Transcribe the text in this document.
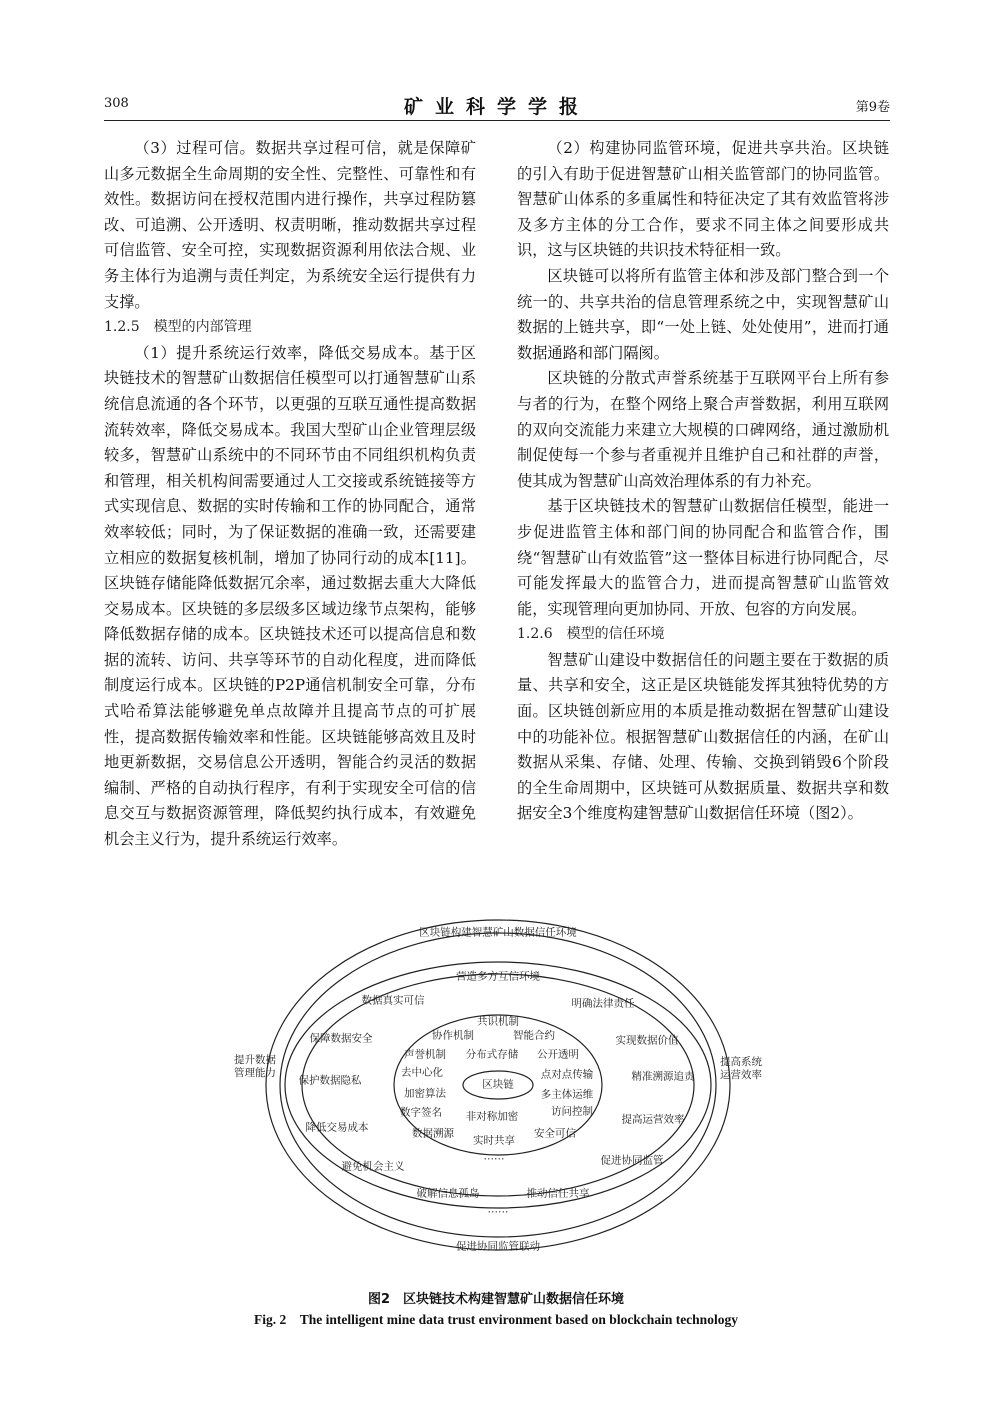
308	矿业科学学报	第9卷

（3）过程可信。数据共享过程可信，就是保障矿山多元数据全生命周期的安全性、完整性、可靠性和有效性。数据访问在授权范围内进行操作，共享过程防篡改、可追溯、公开透明、权责明晰，推动数据共享过程可信监管、安全可控，实现数据资源利用依法合规、业务主体行为追溯与责任判定，为系统安全运行提供有力支撑。

1.2.5　模型的内部管理

（1）提升系统运行效率，降低交易成本。基于区块链技术的智慧矿山数据信任模型可以打通智慧矿山系统信息流通的各个环节，以更强的互联互通性提高数据流转效率，降低交易成本。我国大型矿山企业管理层级较多，智慧矿山系统中的不同环节由不同组织机构负责和管理，相关机构间需要通过人工交接或系统链接等方式实现信息、数据的实时传输和工作的协同配合，通常效率较低；同时，为了保证数据的准确一致，还需要建立相应的数据复核机制，增加了协同行动的成本[11]。区块链存储能降低数据冗余率，通过数据去重大大降低交易成本。区块链的多层级多区域边缘节点架构，能够降低数据存储的成本。区块链技术还可以提高信息和数据的流转、访问、共享等环节的自动化程度，进而降低制度运行成本。区块链的P2P通信机制安全可靠，分布式哈希算法能够避免单点故障并且提高节点的可扩展性，提高数据传输效率和性能。区块链能够高效且及时地更新数据，交易信息公开透明，智能合约灵活的数据编制、严格的自动执行程序，有利于实现安全可信的信息交互与数据资源管理，降低契约执行成本，有效避免机会主义行为，提升系统运行效率。

（2）构建协同监管环境，促进共享共治。区块链的引入有助于促进智慧矿山相关监管部门的协同监管。智慧矿山体系的多重属性和特征决定了其有效监管将涉及多方主体的分工合作，要求不同主体之间要形成共识，这与区块链的共识技术特征相一致。

区块链可以将所有监管主体和涉及部门整合到一个统一的、共享共治的信息管理系统之中，实现智慧矿山数据的上链共享，即“一处上链、处处使用”，进而打通数据通路和部门隔阂。

区块链的分散式声誉系统基于互联网平台上所有参与者的行为，在整个网络上聚合声誉数据，利用互联网的双向交流能力来建立大规模的口碑网络，通过激励机制促使每一个参与者重视并且维护自己和社群的声誉，使其成为智慧矿山高效治理体系的有力补充。

基于区块链技术的智慧矿山数据信任模型，能进一步促进监管主体和部门间的协同配合和监管合作，围绕“智慧矿山有效监管”这一整体目标进行协同配合，尽可能发挥最大的监管合力，进而提高智慧矿山监管效能，实现管理向更加协同、开放、包容的方向发展。

1.2.6　模型的信任环境

智慧矿山建设中数据信任的问题主要在于数据的质量、共享和安全，这正是区块链能发挥其独特优势的方面。区块链创新应用的本质是推动数据在智慧矿山建设中的功能补位。根据智慧矿山数据信任的内涵，在矿山数据从采集、存储、处理、传输、交换到销毁6个阶段的全生命周期中，区块链可从数据质量、数据共享和数据安全3个维度构建智慧矿山数据信任环境（图2）。

区块链构建智慧矿山数据信任环境
提升数据管理能力
提高系统运营效率
促进协同监管联动
营造多方互信环境
数据真实可信	明确法律责任
保障数据安全	实现数据价值
保护数据隐私	精准溯源追责
降低交易成本
提高运营效率
避免机会主义	促进协同监管
破解信息孤岛	推动信任共享
……
共识机制
协作机制	智能合约
声誉机制 分布式存储 公开透明
去中心化	点对点传输
加密算法	多主体运维
数字签名 非对称加密	访问控制
数据溯源	安全可信
实时共享
……
区块链
图2　区块链技术构建智慧矿山数据信任环境
Fig. 2　The intelligent mine data trust environment based on blockchain technology
